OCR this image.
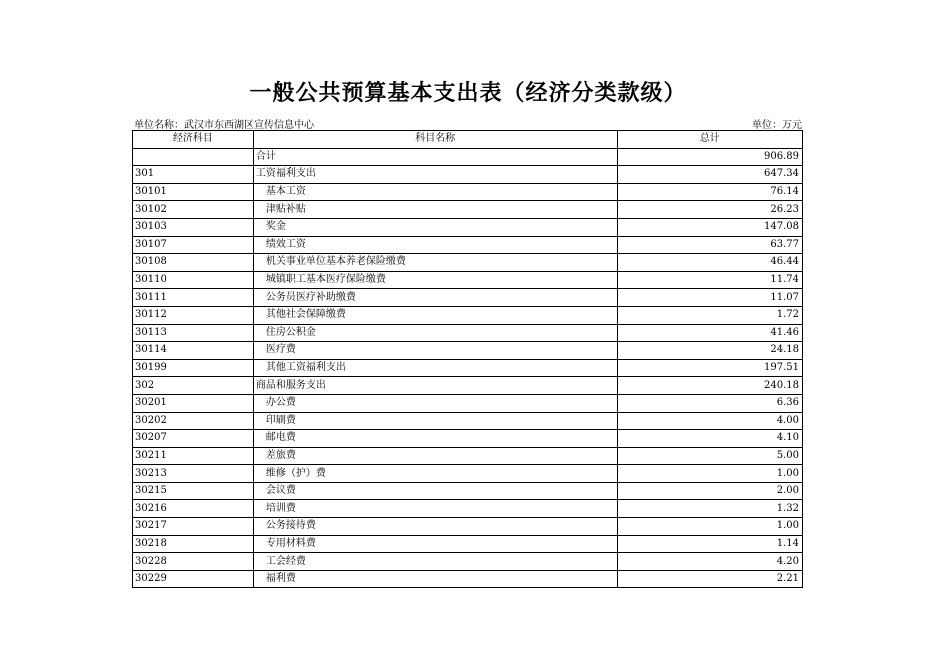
一般公共预算基本支出表（经济分类款级）
单位名称：武汉市东西湖区宣传信息中心	单位：万元
经济科目	科目名称	总计
	合计	906.89
301	工资福利支出	647.34
30101	基本工资	76.14
30102	津贴补贴	26.23
30103	奖金	147.08
30107	绩效工资	63.77
30108	机关事业单位基本养老保险缴费	46.44
30110	城镇职工基本医疗保险缴费	11.74
30111	公务员医疗补助缴费	11.07
30112	其他社会保障缴费	1.72
30113	住房公积金	41.46
30114	医疗费	24.18
30199	其他工资福利支出	197.51
302	商品和服务支出	240.18
30201	办公费	6.36
30202	印刷费	4.00
30207	邮电费	4.10
30211	差旅费	5.00
30213	维修（护）费	1.00
30215	会议费	2.00
30216	培训费	1.32
30217	公务接待费	1.00
30218	专用材料费	1.14
30228	工会经费	4.20
30229	福利费	2.21
